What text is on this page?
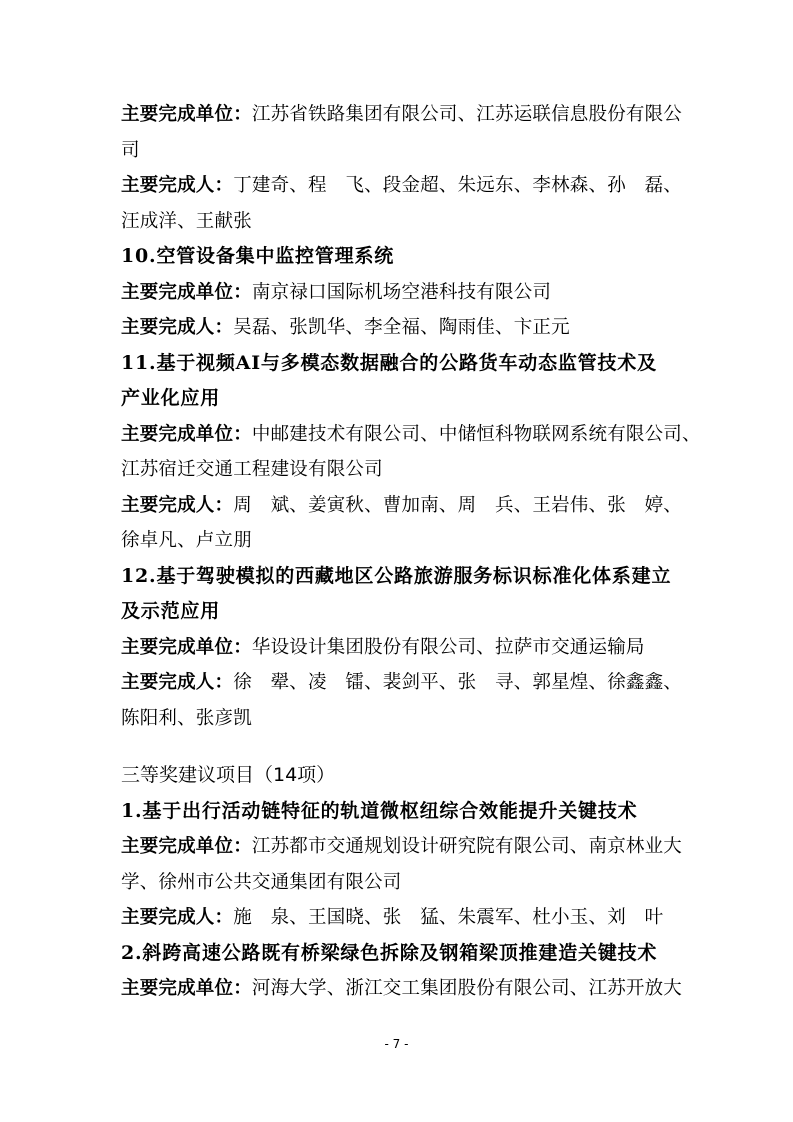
主要完成单位：江苏省铁路集团有限公司、江苏运联信息股份有限公
司
主要完成人：丁建奇、程　飞、段金超、朱远东、李林森、孙　磊、
汪成洋、王献张
10.空管设备集中监控管理系统
主要完成单位：南京禄口国际机场空港科技有限公司
主要完成人：吴磊、张凯华、李全福、陶雨佳、卞正元
11.基于视频AI与多模态数据融合的公路货车动态监管技术及
产业化应用
主要完成单位：中邮建技术有限公司、中储恒科物联网系统有限公司、
江苏宿迁交通工程建设有限公司
主要完成人：周　斌、姜寅秋、曹加南、周　兵、王岩伟、张　婷、
徐卓凡、卢立朋
12.基于驾驶模拟的西藏地区公路旅游服务标识标准化体系建立
及示范应用
主要完成单位：华设设计集团股份有限公司、拉萨市交通运输局
主要完成人：徐　翚、凌　镭、裴剑平、张　寻、郭星煌、徐鑫鑫、
陈阳利、张彦凯
三等奖建议项目（14项）
1.基于出行活动链特征的轨道微枢纽综合效能提升关键技术
主要完成单位：江苏都市交通规划设计研究院有限公司、南京林业大
学、徐州市公共交通集团有限公司
主要完成人：施　泉、王国晓、张　猛、朱震军、杜小玉、刘　叶
2.斜跨高速公路既有桥梁绿色拆除及钢箱梁顶推建造关键技术
主要完成单位：河海大学、浙江交工集团股份有限公司、江苏开放大
- 7 -
